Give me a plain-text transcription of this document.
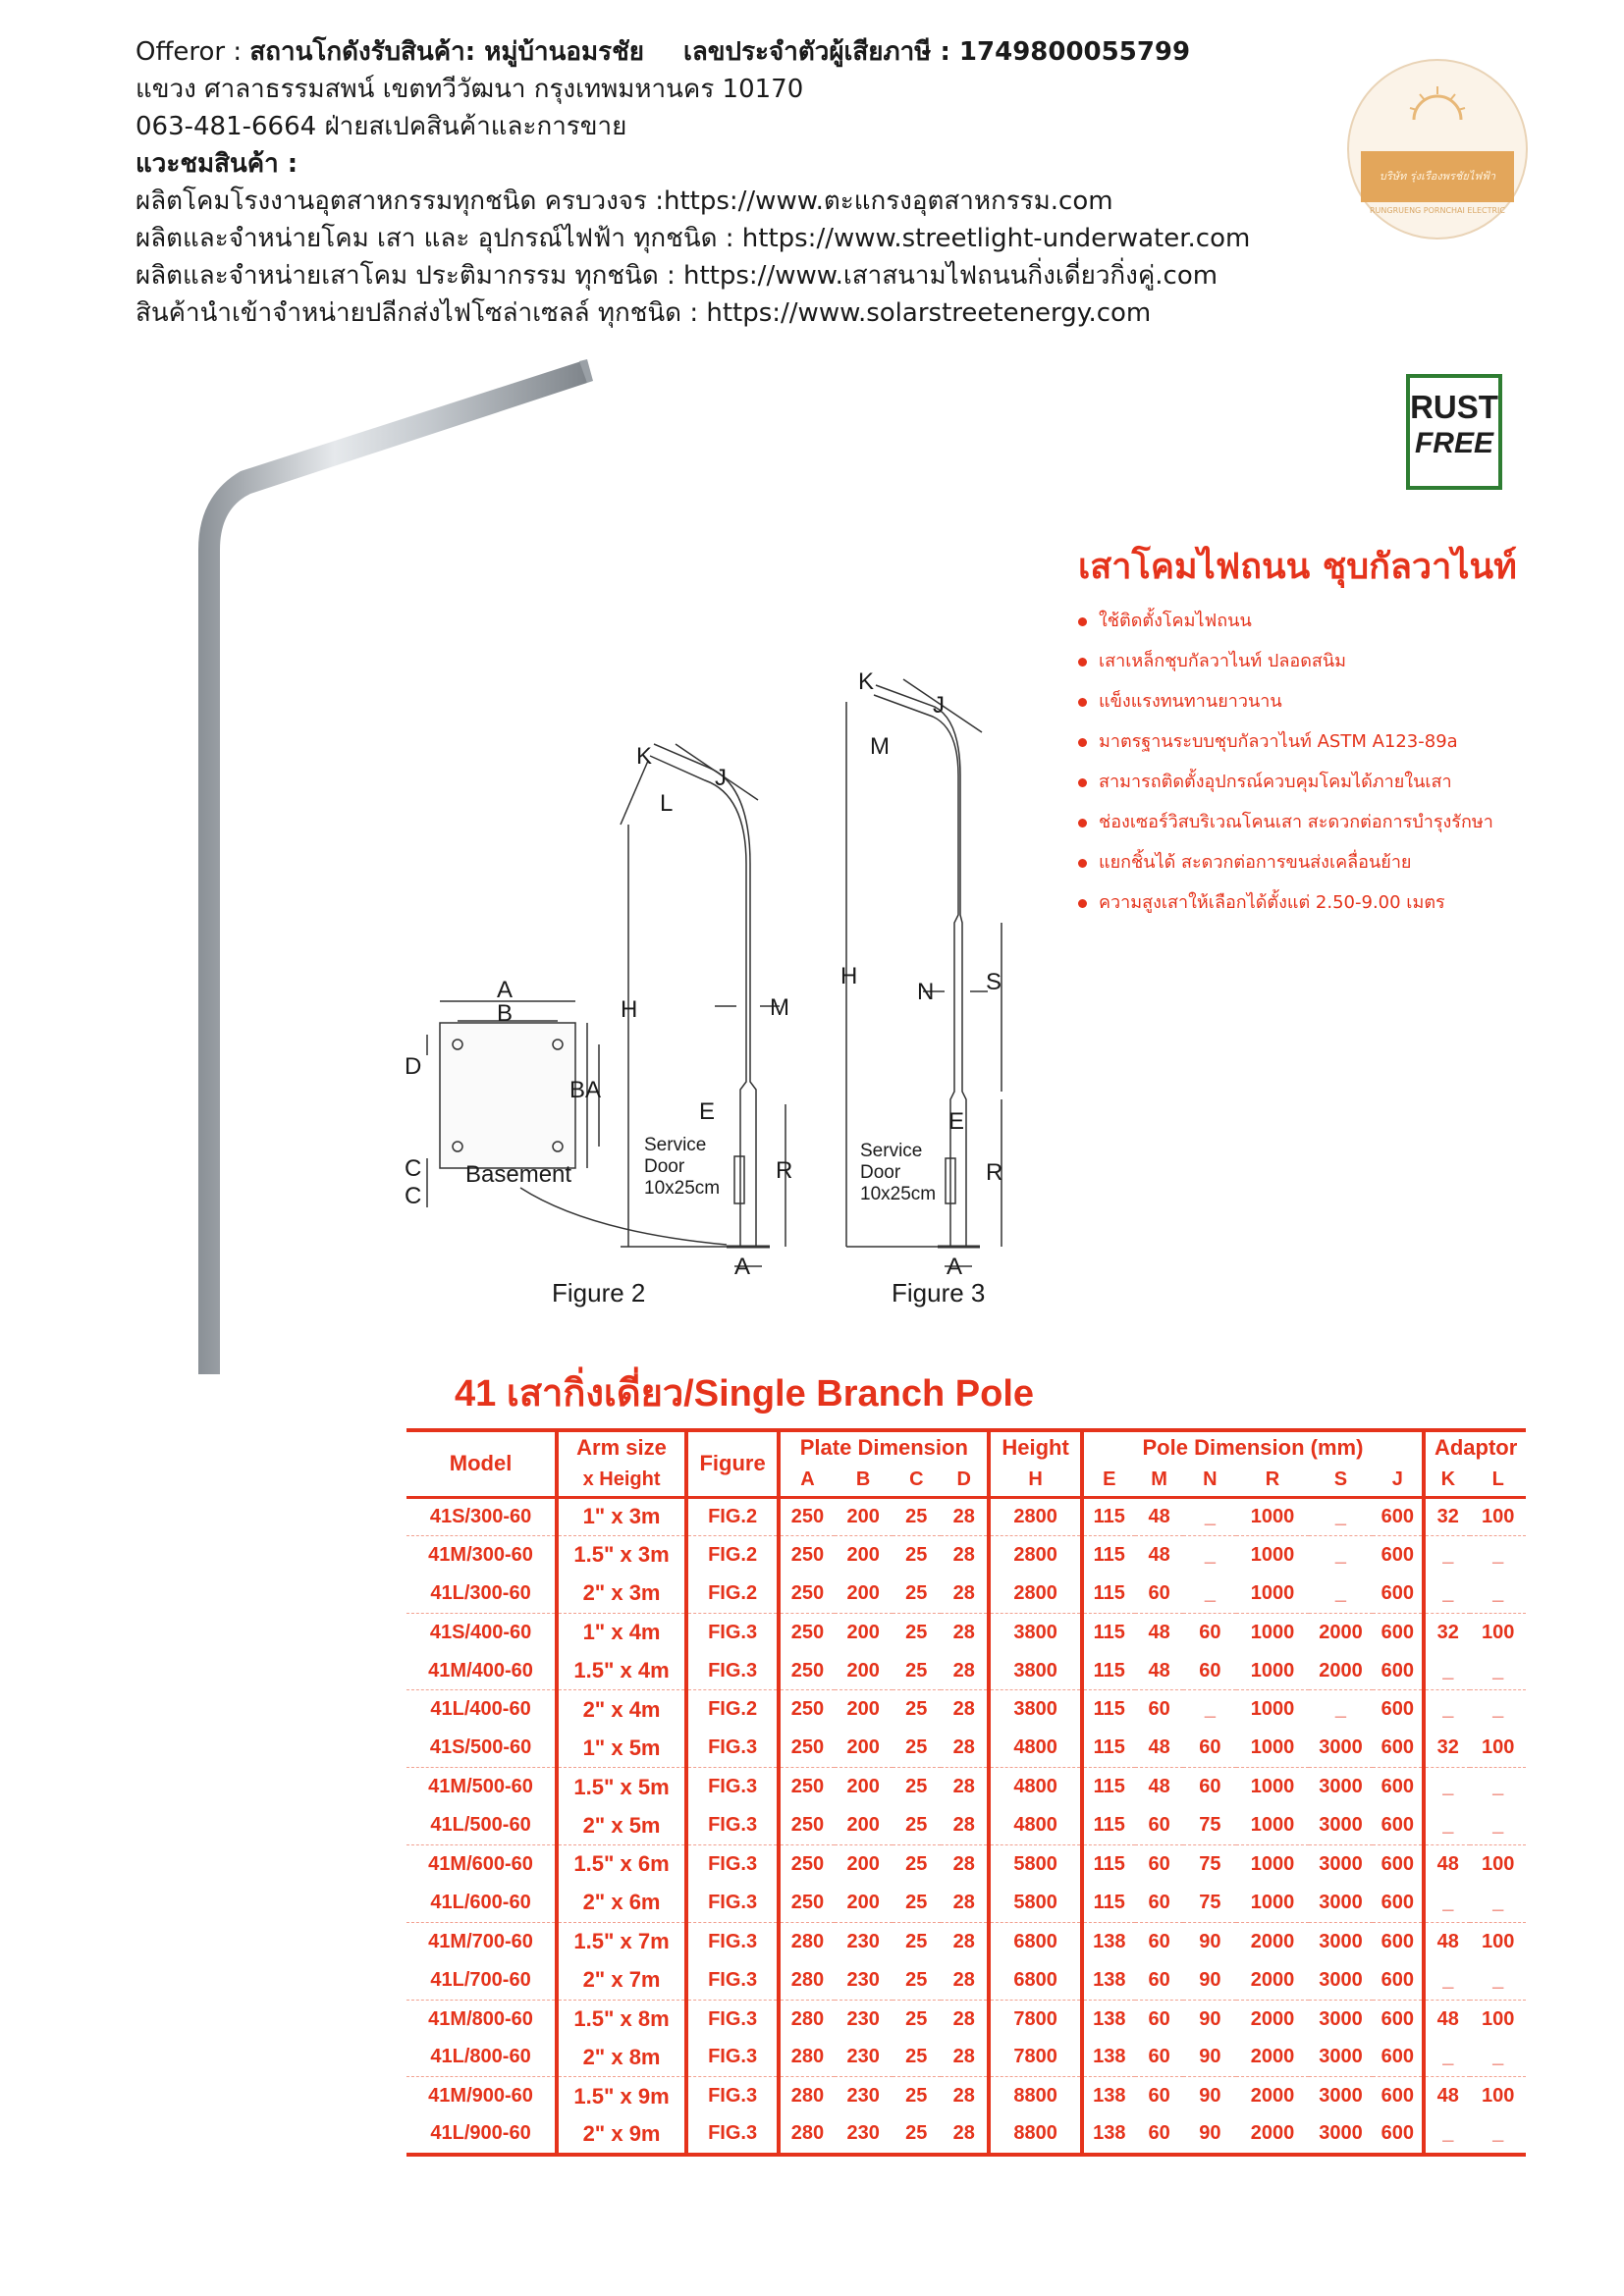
Offeror : สถานโกดังรับสินค้า: หมู่บ้านอมรชัย เลขประจำตัวผู้เสียภาษี : 1749800055799
แขวง ศาลาธรรมสพน์ เขตทวีวัฒนา กรุงเทพมหานคร 10170
063-481-6664 ฝ่ายสเปคสินค้าและการขาย
แวะชมสินค้า :
ผลิตโคมโรงงานอุตสาหกรรมทุกชนิด ครบวงจร :https://www.ตะแกรงอุตสาหกรรม.com
ผลิตและจำหน่ายโคม เสา และ อุปกรณ์ไฟฟ้า ทุกชนิด : https://www.streetlight-underwater.com
ผลิตและจำหน่ายเสาโคม ประติมากรรม ทุกชนิด : https://www.เสาสนามไฟถนนกิ่งเดี่ยวกิ่งคู่.com
สินค้านำเข้าจำหน่ายปลีกส่งไฟโซล่าเซลล์ ทุกชนิด : https://www.solarstreetenergy.com
บริษัท รุ่งเรืองพรชัยไฟฟ้า
RUNGRUENG PORNCHAI ELECTRIC
RUST
FREE
A
B
D
BA
C
C
Basement
H
K
L
J
M
E
R
A
Service
Door
10x25cm
Figure 2
H
K
J
M
N S
E
R
A
Service
Door
10x25cm
Figure 3
เสาโคมไฟถนน ชุบกัลวาไนท์
ใช้ติดตั้งโคมไฟถนน
เสาเหล็กชุบกัลวาไนท์ ปลอดสนิม
แข็งแรงทนทานยาวนาน
มาตรฐานระบบชุบกัลวาไนท์ ASTM A123-89a
สามารถติดตั้งอุปกรณ์ควบคุมโคมได้ภายในเสา
ช่องเซอร์วิสบริเวณโคนเสา สะดวกต่อการบำรุงรักษา
แยกชิ้นได้ สะดวกต่อการขนส่งเคลื่อนย้าย
ความสูงเสาให้เลือกได้ตั้งแต่ 2.50-9.00 เมตร
41 เสากิ่งเดี่ยว/Single Branch Pole
Model	Arm size	Figure	Plate Dimension				Height	Pole Dimension (mm)						Adaptor	
	x Height		A	B	C	D	H	E	M	N	R	S	J	K	L
41S/300-60	1" x 3m	FIG.2	250	200	25	28	2800	115	48	_	1000	_	600	32	100
41M/300-60	1.5" x 3m	FIG.2	250	200	25	28	2800	115	48	_	1000	_	600	_	_
41L/300-60	2" x 3m	FIG.2	250	200	25	28	2800	115	60	_	1000	_	600	_	_
41S/400-60	1" x 4m	FIG.3	250	200	25	28	3800	115	48	60	1000	2000	600	32	100
41M/400-60	1.5" x 4m	FIG.3	250	200	25	28	3800	115	48	60	1000	2000	600	_	_
41L/400-60	2" x 4m	FIG.2	250	200	25	28	3800	115	60	_	1000	_	600	_	_
41S/500-60	1" x 5m	FIG.3	250	200	25	28	4800	115	48	60	1000	3000	600	32	100
41M/500-60	1.5" x 5m	FIG.3	250	200	25	28	4800	115	48	60	1000	3000	600	_	_
41L/500-60	2" x 5m	FIG.3	250	200	25	28	4800	115	60	75	1000	3000	600	_	_
41M/600-60	1.5" x 6m	FIG.3	250	200	25	28	5800	115	60	75	1000	3000	600	48	100
41L/600-60	2" x 6m	FIG.3	250	200	25	28	5800	115	60	75	1000	3000	600	_	_
41M/700-60	1.5" x 7m	FIG.3	280	230	25	28	6800	138	60	90	2000	3000	600	48	100
41L/700-60	2" x 7m	FIG.3	280	230	25	28	6800	138	60	90	2000	3000	600	_	_
41M/800-60	1.5" x 8m	FIG.3	280	230	25	28	7800	138	60	90	2000	3000	600	48	100
41L/800-60	2" x 8m	FIG.3	280	230	25	28	7800	138	60	90	2000	3000	600	_	_
41M/900-60	1.5" x 9m	FIG.3	280	230	25	28	8800	138	60	90	2000	3000	600	48	100
41L/900-60	2" x 9m	FIG.3	280	230	25	28	8800	138	60	90	2000	3000	600	_	_
